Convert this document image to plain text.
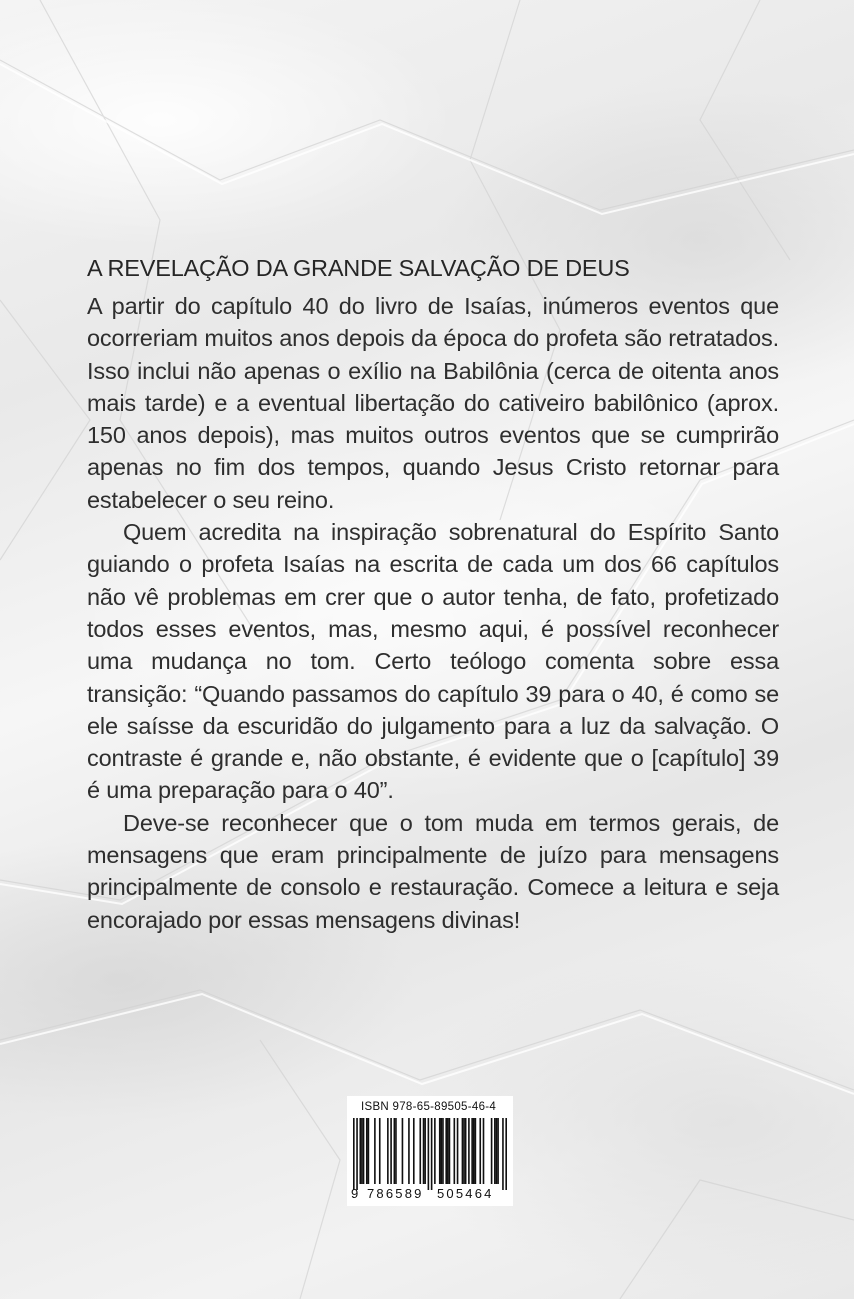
A REVELAÇÃO DA GRANDE SALVAÇÃO DE DEUS

A partir do capítulo 40 do livro de Isaías, inúmeros eventos que ocorreriam muitos anos depois da época do profeta são retratados. Isso inclui não apenas o exílio na Babilônia (cerca de oitenta anos mais tarde) e a eventual libertação do cativeiro babilônico (aprox. 150 anos depois), mas muitos outros eventos que se cumprirão apenas no fim dos tempos, quando Jesus Cristo retornar para estabelecer o seu reino.

Quem acredita na inspiração sobrenatural do Espírito Santo guiando o profeta Isaías na escrita de cada um dos 66 capítulos não vê problemas em crer que o autor tenha, de fato, profetizado todos esses eventos, mas, mesmo aqui, é possível reconhecer uma mudança no tom. Certo teólogo comenta sobre essa transição: “Quando passamos do capítulo 39 para o 40, é como se ele saísse da escuridão do julgamento para a luz da salvação. O contraste é grande e, não obstante, é evidente que o [capítulo] 39 é uma preparação para o 40”.

Deve-se reconhecer que o tom muda em termos gerais, de mensagens que eram principalmente de juízo para mensagens principalmente de consolo e restauração. Comece a leitura e seja encorajado por essas mensagens divinas!

ISBN 978-65-89505-46-4
9 786589 505464
